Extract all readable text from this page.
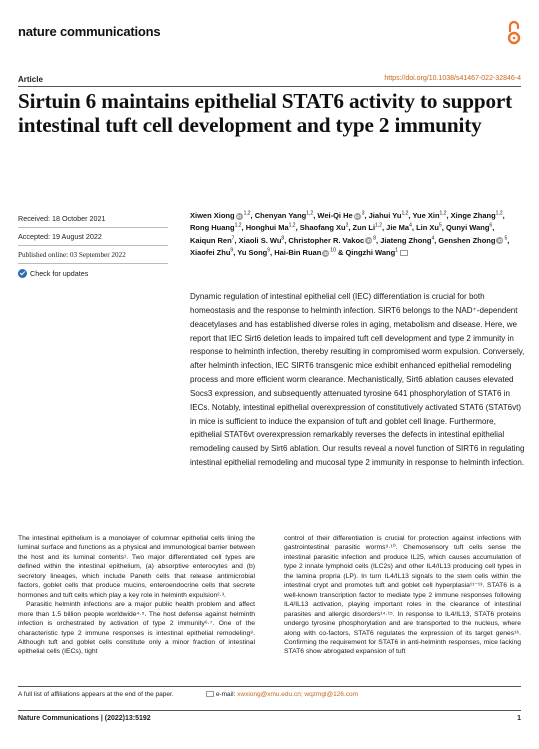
nature communications
Article	https://doi.org/10.1038/s41467-022-32846-4
Sirtuin 6 maintains epithelial STAT6 activity to support intestinal tuft cell development and type 2 immunity
Received: 18 October 2021
Accepted: 19 August 2022
Published online: 03 September 2022
Check for updates
Xiwen Xiong iD $^{1,2}$, Chenyan Yang$^{1,2}$, Wei-Qi He iD $^3$, Jiahui Yu$^{1,2}$, Yue Xin$^{1,2}$, Xinge Zhang$^{1,2}$, Rong Huang$^{1,2}$, Honghui Ma$^{1,2}$, Shaofang Xu$^2$, Zun Li$^{1,2}$, Jie Ma$^4$, Lin Xu$^5$, Qunyi Wang$^6$, Kaiqun Ren$^7$, Xiaoli S. Wu$^8$, Christopher R. Vakoc iD $^8$, Jiateng Zhong$^4$, Genshen Zhong iD $^5$, Xiaofei Zhu$^9$, Yu Song$^9$, Hai-Bin Ruan iD $^{10}$ & Qingzhi Wang$^1$
Dynamic regulation of intestinal epithelial cell (IEC) differentiation is crucial for both homeostasis and the response to helminth infection. SIRT6 belongs to the NAD⁺-dependent deacetylases and has established diverse roles in aging, metabolism and disease. Here, we report that IEC Sirt6 deletion leads to impaired tuft cell development and type 2 immunity in response to helminth infection, thereby resulting in compromised worm expulsion. Conversely, after helminth infection, IEC SIRT6 transgenic mice exhibit enhanced epithelial remodeling process and more efficient worm clearance. Mechanistically, Sirt6 ablation causes elevated Socs3 expression, and subsequently attenuated tyrosine 641 phosphorylation of STAT6 in IECs. Notably, intestinal epithelial overexpression of constitutively activated STAT6 (STAT6vt) in mice is sufficient to induce the expansion of tuft and goblet cell linage. Furthermore, epithelial STAT6vt overexpression remarkably reverses the defects in intestinal epithelial remodeling caused by Sirt6 ablation. Our results reveal a novel function of SIRT6 in regulating intestinal epithelial remodeling and mucosal type 2 immunity in response to helminth infection.

The intestinal epithelium is a monolayer of columnar epithelial cells lining the luminal surface and functions as a physical and immunological barrier between the host and its luminal contents¹. Two major differentiated cell types are defined within the intestinal epithelium, (a) absorptive enterocytes and (b) secretory lineages, which include Paneth cells that release antimicrobial factors, goblet cells that produce mucins, enteroendocrine cells that secrete hormones and tuft cells which play a key role in helminth expulsion²·³.

Parasitic helminth infections are a major public health problem and affect more than 1.5 billion people worldwide⁴·⁵. The host defense against helminth infection is orchestrated by activation of type 2 immunity⁶·⁷. One of the characteristic type 2 immune responses is intestinal epithelial remodeling⁸. Although tuft and goblet cells constitute only a minor fraction of intestinal epithelial cells (IECs), tight

control of their differentiation is crucial for protection against infections with gastrointestinal parasitic worms⁹·¹⁰. Chemosensory tuft cells sense the intestinal parasitic infection and produce IL25, which causes accumulation of type 2 innate lymphoid cells (ILC2s) and other IL4/IL13 producing cell types in the lamina propria (LP). In turn IL4/IL13 signals to the stem cells within the intestinal crypt and promotes tuft and goblet cell hyperplasia¹¹⁻¹³. STAT6 is a well-known transcription factor to mediate type 2 immune responses following IL4/IL13 activation, playing important roles in the clearance of intestinal parasites and allergic disorders¹⁴·¹⁵. In response to IL4/IL13, STAT6 proteins undergo tyrosine phosphorylation and are transported to the nucleus, where along with co-factors, STAT6 regulates the expression of its target genes¹⁶. Confirming the requirement for STAT6 in anti-helminth responses, mice lacking STAT6 show abrogated expansion of tuft

A full list of affiliations appears at the end of the paper.	e-mail: xwxiong@xmu.edu.cn; wqzmgl@126.com
Nature Communications | (2022)13:5192	1
